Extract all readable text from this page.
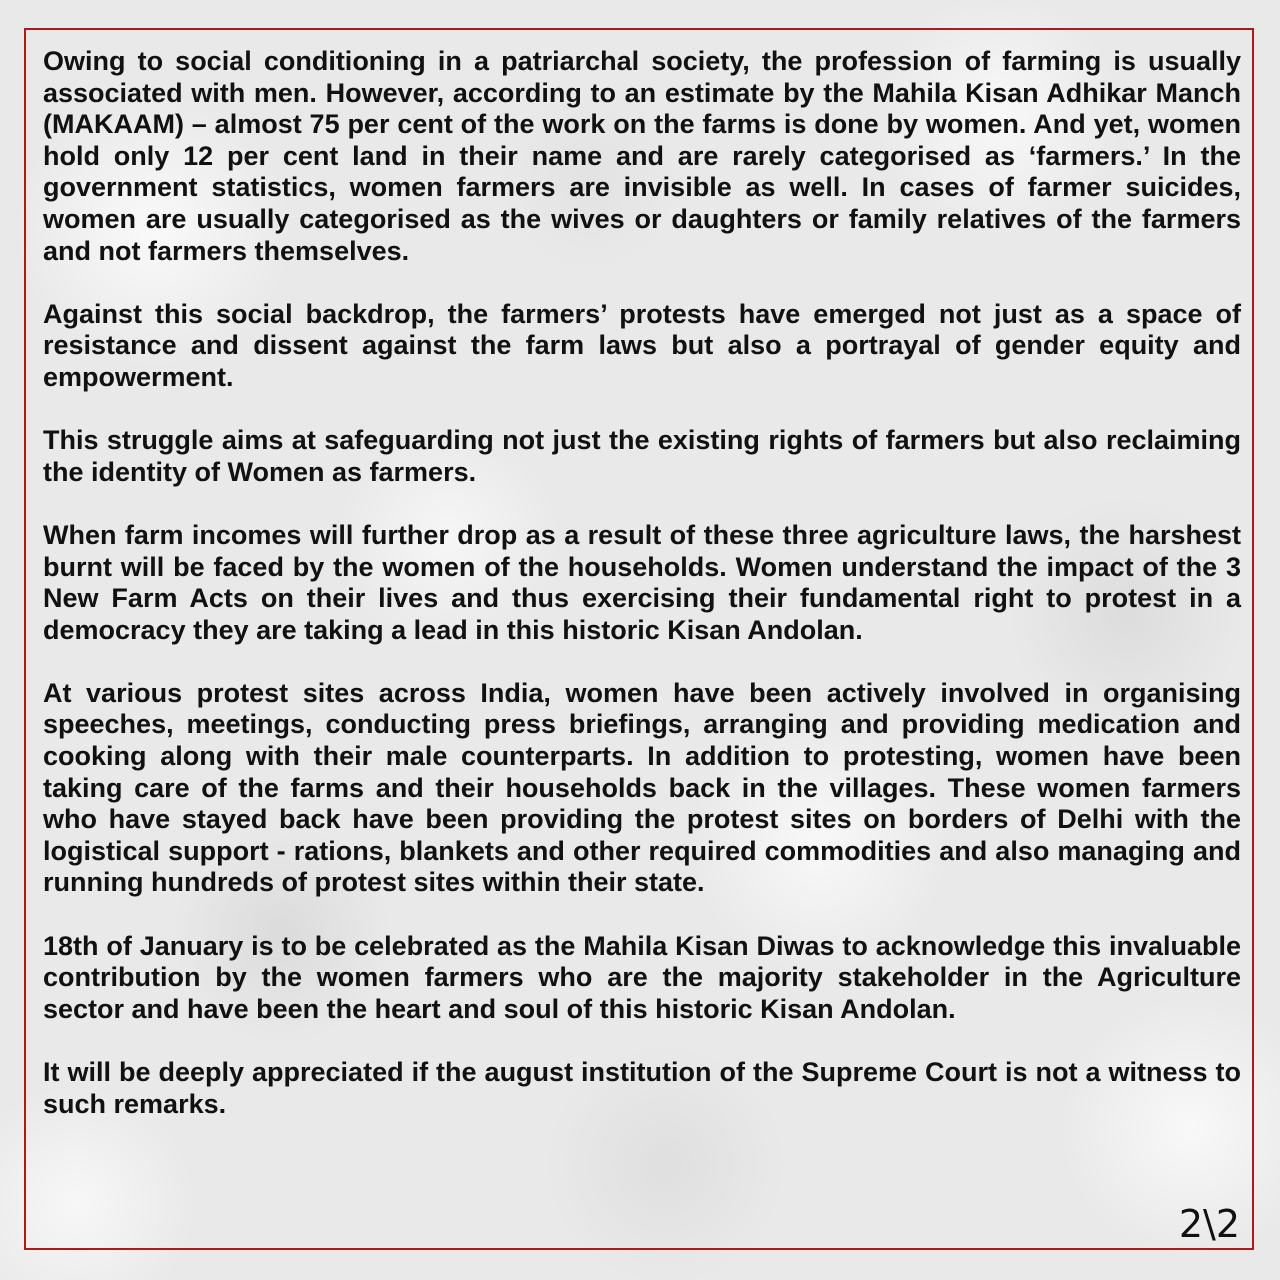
Owing to social conditioning in a patriarchal society, the profession of farming is usually associated with men. However, according to an estimate by the Mahila Kisan Adhikar Manch (MAKAAM) – almost 75 per cent of the work on the farms is done by women. And yet, women hold only 12 per cent land in their name and are rarely categorised as ‘farmers.’ In the government statistics, women farmers are invisible as well. In cases of farmer suicides, women are usually categorised as the wives or daughters or family relatives of the farmers and not farmers themselves.

Against this social backdrop, the farmers’ protests have emerged not just as a space of resistance and dissent against the farm laws but also a portrayal of gender equity and empowerment.

This struggle aims at safeguarding not just the existing rights of farmers but also reclaiming the identity of Women as farmers.

When farm incomes will further drop as a result of these three agriculture laws, the harshest burnt will be faced by the women of the households. Women understand the impact of the 3 New Farm Acts on their lives and thus exercising their fundamental right to protest in a democracy they are taking a lead in this historic Kisan Andolan.

At various protest sites across India, women have been actively involved in organising speeches, meetings, conducting press briefings, arranging and providing medication and cooking along with their male counterparts. In addition to protesting, women have been taking care of the farms and their households back in the villages. These women farmers who have stayed back have been providing the protest sites on borders of Delhi with the logistical support - rations, blankets and other required commodities and also managing and running hundreds of protest sites within their state.

18th of January is to be celebrated as the Mahila Kisan Diwas to acknowledge this invaluable contribution by the women farmers who are the majority stakeholder in the Agriculture sector and have been the heart and soul of this historic Kisan Andolan.

It will be deeply appreciated if the august institution of the Supreme Court is not a witness to such remarks.

2\2
